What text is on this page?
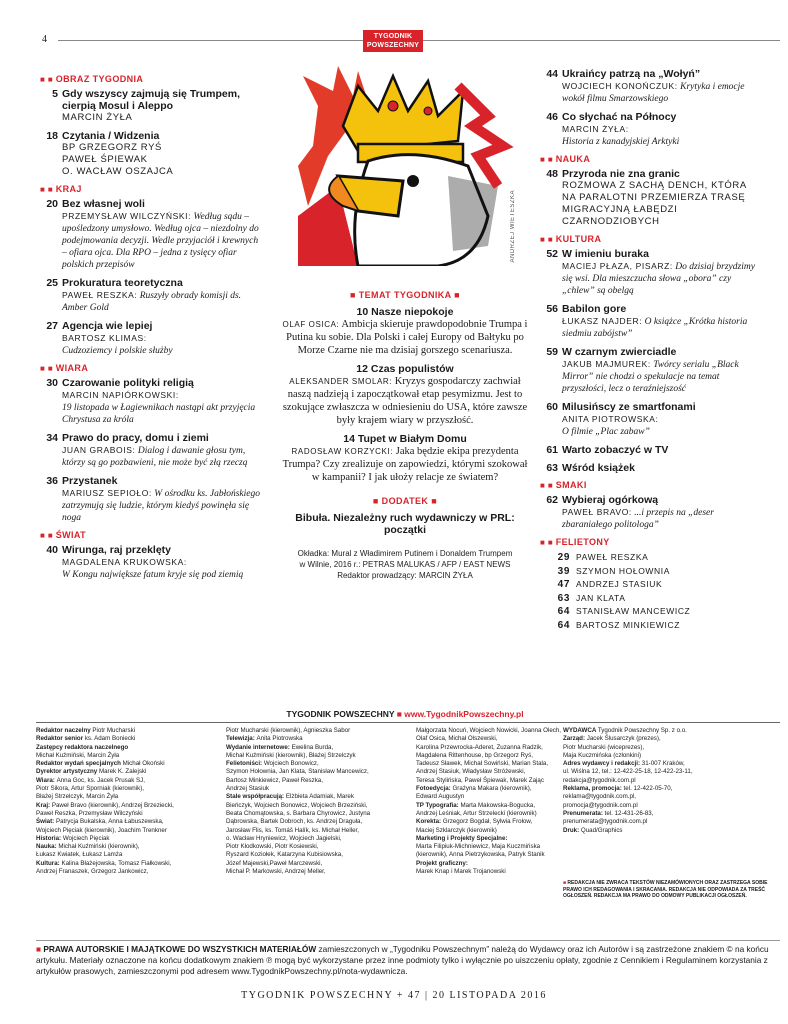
4	TYGODNIK
POWSZECHNY
■ ■ OBRAZ TYGODNIA
5 Gdy wszyscy zajmują się Trumpem, cierpią Mosul i Aleppo
MARCIN ŻYŁA
18 Czytania / Widzenia
BP GRZEGORZ RYŚ
PAWEŁ ŚPIEWAK
O. WACŁAW OSZAJCA
■ ■ KRAJ
20 Bez własnej woli
PRZEMYSŁAW WILCZYŃSKI: Według sądu – upośledzony umysłowo. Według ojca – niezdolny do podejmowania decyzji. Wedle przyjaciół i krewnych – ofiara ojca. Dla RPO – jedna z tysięcy ofiar polskich przepisów
25 Prokuratura teoretyczna
PAWEŁ RESZKA: Ruszyły obrady komisji ds. Amber Gold
27 Agencja wie lepiej
BARTOSZ KLIMAS:
Cudzoziemcy i polskie służby
■ ■ WIARA
30 Czarowanie polityki religią
MARCIN NAPIÓRKOWSKI:
19 listopada w Łagiewnikach nastąpi akt przyjęcia Chrystusa za króla
34 Prawo do pracy, domu i ziemi
JUAN GRABOIS: Dialog i dawanie głosu tym, którzy są go pozbawieni, nie może być złą rzeczą
36 Przystanek
MARIUSZ SEPIOŁO: W ośrodku ks. Jabłońskiego zatrzymują się ludzie, którym kiedyś powinęła się noga
■ ■ ŚWIAT
40 Wirunga, raj przeklęty
MAGDALENA KRUKOWSKA:
W Kongu największe fatum kryje się pod ziemią
ANDRZEJ WIETESZKA
■ TEMAT TYGODNIKA ■
10 Nasze niepokoje
OLAF OSICA: Ambicja skieruje prawdopodobnie Trumpa i Putina ku sobie. Dla Polski i całej Europy od Bałtyku po Morze Czarne nie ma dzisiaj gorszego scenariusza.
12 Czas populistów
ALEKSANDER SMOLAR: Kryzys gospodarczy zachwiał naszą nadzieją i zapoczątkował etap pesymizmu. Jest to szokujące zwłaszcza w odniesieniu do USA, które zawsze były krajem wiary w przyszłość.
14 Tupet w Białym Domu
RADOSŁAW KORZYCKI: Jaka będzie ekipa prezydenta Trumpa? Czy zrealizuje on zapowiedzi, którymi szokował w kampanii? I jak ułoży relacje ze światem?
■ DODATEK ■
Bibuła. Niezależny ruch wydawniczy w PRL: początki
Okładka: Mural z Władimirem Putinem i Donaldem Trumpem
w Wilnie, 2016 r.: PETRAS MALUKAS / AFP / EAST NEWS
Redaktor prowadzący: MARCIN ŻYŁA
44 Ukraińcy patrzą na „Wołyń”
WOJCIECH KONOŃCZUK: Krytyka i emocje wokół filmu Smarzowskiego
46 Co słychać na Północy
MARCIN ŻYŁA:
Historia z kanadyjskiej Arktyki
■ ■ NAUKA
48 Przyroda nie zna granic
ROZMOWA Z SACHĄ DENCH, KTÓRA NA PARALOTNI PRZEMIERZA TRASĘ MIGRACYJNĄ ŁABĘDZI CZARNODZIOBYCH
■ ■ KULTURA
52 W imieniu buraka
MACIEJ PŁAZA, PISARZ: Do dzisiaj brzydzimy się wsi. Dla mieszczucha słowa „obora” czy „chlew” są obelgą
56 Babilon gore
ŁUKASZ NAJDER: O książce „Krótka historia siedmiu zabójstw”
59 W czarnym zwierciadle
JAKUB MAJMUREK: Twórcy serialu „Black Mirror” nie chodzi o spekulacje na temat przyszłości, lecz o teraźniejszość
60 Milusińscy ze smartfonami
ANITA PIOTROWSKA:
O filmie „Plac zabaw”
61 Warto zobaczyć w TV
63 Wśród książek
■ ■ SMAKI
62 Wybieraj ogórkową
PAWEŁ BRAVO: ...i przepis na „deser zbaraniałego politologa”
■ ■ FELIETONY
29 PAWEŁ RESZKA
39 SZYMON HOŁOWNIA
47 ANDRZEJ STASIUK
63 JAN KLATA
64 STANISŁAW MANCEWICZ
64 BARTOSZ MINKIEWICZ
TYGODNIK POWSZECHNY ■ www.TygodnikPowszechny.pl
Redaktor naczelny Piotr Mucharski
Redaktor senior ks. Adam Boniecki
Zastępcy redaktora naczelnego
Michał Kuźmiński, Marcin Żyła
Redaktor wydań specjalnych Michał Okoński
Dyrektor artystyczny Marek K. Zalejski
Wiara: Anna Goc, ks. Jacek Prusak SJ,
Piotr Sikora, Artur Sporniak (kierownik),
Błażej Strzelczyk, Marcin Żyła
Kraj: Paweł Bravo (kierownik), Andrzej Brzeziecki,
Paweł Reszka, Przemysław Wilczyński
Świat: Patrycja Bukalska, Anna Łabuszewska,
Wojciech Pięciak (kierownik), Joachim Trenkner
Historia: Wojciech Pięciak
Nauka: Michał Kuźmiński (kierownik),
Łukasz Kwiatek, Łukasz Lamża
Kultura: Kalina Błażejowska, Tomasz Fiałkowski,
Andrzej Franaszek, Grzegorz Jankowicz,
Piotr Mucharski (kierownik), Agnieszka Sabor
Telewizja: Anita Piotrowska
Wydanie internetowe: Ewelina Burda,
Michał Kuźmiński (kierownik), Błażej Strzelczyk
Felietoniści: Wojciech Bonowicz,
Szymon Hołownia, Jan Klata, Stanisław Mancewicz,
Bartosz Minkiewicz, Paweł Reszka,
Andrzej Stasiuk
Stale współpracują: Elżbieta Adamiak, Marek
Bieńczyk, Wojciech Bonowicz, Wojciech Brzeziński,
Beata Chomątowska, s. Barbara Chyrowicz, Justyna
Dąbrowska, Bartek Dobroch, ks. Andrzej Draguła,
Jarosław Flis, ks. Tomáš Halík, ks. Michał Heller,
o. Wacław Hryniewicz, Wojciech Jagielski,
Piotr Kłodkowski, Piotr Kosiewski,
Ryszard Koziołek, Katarzyna Kubisiowska,
Józef Majewski,Paweł Marczewski,
Michał P. Markowski, Andrzej Meller,
Małgorzata Nocuń, Wojciech Nowicki, Joanna Olech,
Olaf Osica, Michał Olszewski,
Karolina Przewrocka-Aderet, Zuzanna Radzik,
Magdalena Rittenhouse, bp Grzegorz Ryś,
Tadeusz Sławek, Michał Sowiński, Marian Stala,
Andrzej Stasiuk, Władysław Stróżewski,
Teresa Stylińska, Paweł Śpiewak, Marek Zając
Fotoedycja: Grażyna Makara (kierownik),
Edward Augustyn
TP Typografia: Marta Makowska-Bogucka,
Andrzej Leśniak, Artur Strzelecki (kierownik)
Korekta: Grzegorz Bogdał, Sylwia Frołow,
Maciej Szklarczyk (kierownik)
Marketing i Projekty Specjalne:
Marta Filipiuk-Michniewicz, Maja Kuczmińska
(kierownik), Anna Pietrzykowska, Patryk Stanik
Projekt graficzny:
Marek Knap i Marek Trojanowski
WYDAWCA Tygodnik Powszechny Sp. z o.o.
Zarząd: Jacek Ślusarczyk (prezes),
Piotr Mucharski (wiceprezes),
Maja Kuczmińska (członkini)
Adres wydawcy i redakcji: 31-007 Kraków,
ul. Wiślna 12, tel.: 12-422-25-18, 12-422-23-11,
redakcja@tygodnik.com.pl
Reklama, promocja: tel. 12-422-05-70,
reklama@tygodnik.com.pl,
promocja@tygodnik.com.pl
Prenumerata: tel. 12-431-26-83,
prenumerata@tygodnik.com.pl
Druk: Quad/Graphics
■ REDAKCJA NIE ZWRACA TEKSTÓW NIEZAMÓWIONYCH ORAZ ZASTRZEGA SOBIE PRAWO ICH REDAGOWANIA I SKRACANIA. REDAKCJA NIE ODPOWIADA ZA TREŚĆ OGŁOSZEŃ. REDAKCJA MA PRAWO DO ODMOWY PUBLIKACJI OGŁOSZEŃ.
■ PRAWA AUTORSKIE I MAJĄTKOWE DO WSZYSTKICH MATERIAŁÓW zamieszczonych w „Tygodniku Powszechnym” należą do Wydawcy oraz ich Autorów i są zastrzeżone znakiem © na końcu artykułu. Materiały oznaczone na końcu dodatkowym znakiem ℗ mogą być wykorzystane przez inne podmioty tylko i wyłącznie po uiszczeniu opłaty, zgodnie z Cennikiem i Regulaminem korzystania z artykułów prasowych, zamieszczonymi pod adresem www.TygodnikPowszechny.pl/nota-wydawnicza.
TYGODNIK POWSZECHNY + 47 | 20 LISTOPADA 2016
